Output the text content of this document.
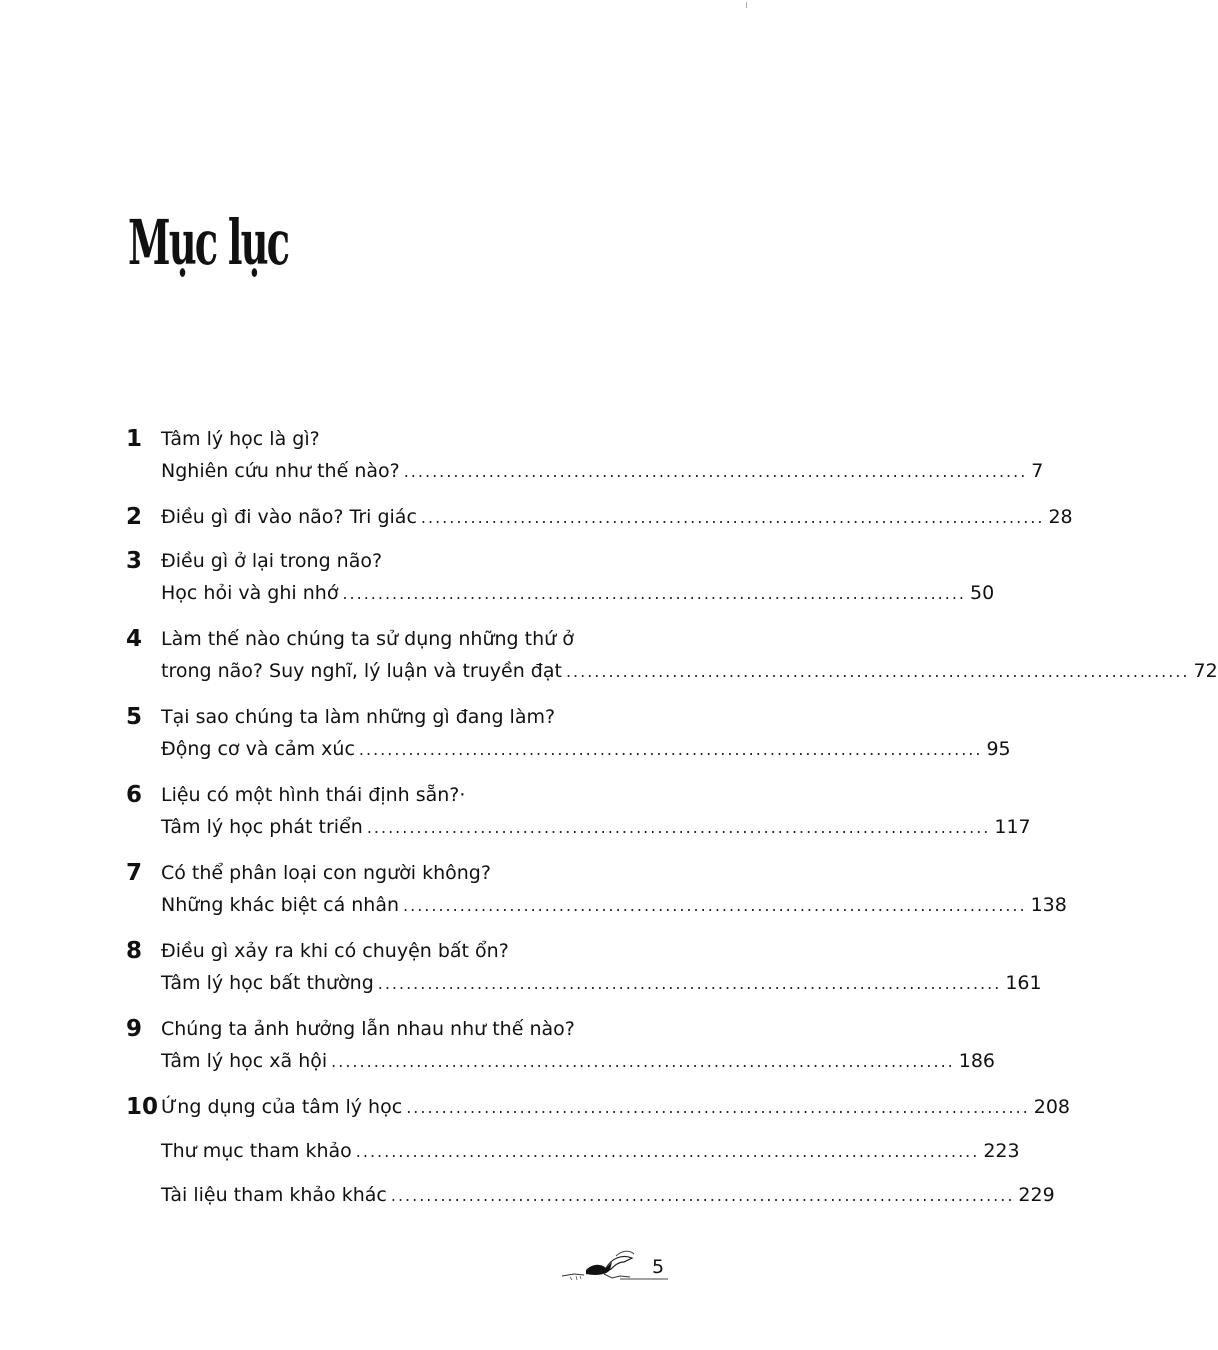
Mục lục
1 Tâm lý học là gì?
Nghiên cứu như thế nào? ........................................................................................ 7
2 Điều gì đi vào não? Tri giác ........................................................................................ 28
3 Điều gì ở lại trong não?
Học hỏi và ghi nhớ ........................................................................................ 50
4 Làm thế nào chúng ta sử dụng những thứ ở
trong não? Suy nghĩ, lý luận và truyền đạt ........................................................................................ 72
5 Tại sao chúng ta làm những gì đang làm?
Động cơ và cảm xúc ........................................................................................ 95
6 Liệu có một hình thái định sẵn?·
Tâm lý học phát triển ........................................................................................ 117
7 Có thể phân loại con người không?
Những khác biệt cá nhân ........................................................................................ 138
8 Điều gì xảy ra khi có chuyện bất ổn?
Tâm lý học bất thường ........................................................................................ 161
9 Chúng ta ảnh hưởng lẫn nhau như thế nào?
Tâm lý học xã hội ........................................................................................ 186
10 Ứng dụng của tâm lý học ........................................................................................ 208
Thư mục tham khảo ........................................................................................ 223
Tài liệu tham khảo khác ........................................................................................ 229
5
